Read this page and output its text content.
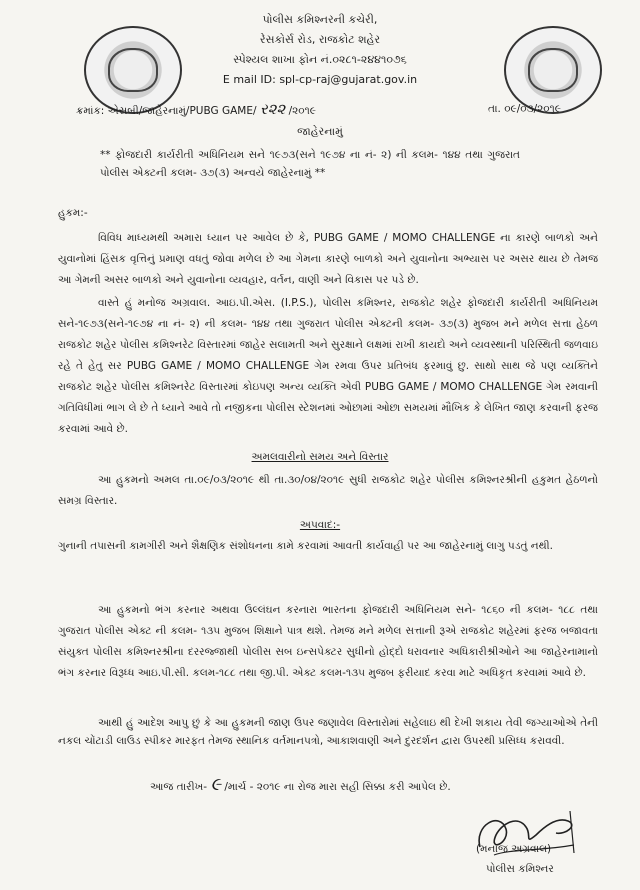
પોલીસ કમિશ્નરની કચેરી,
રેસકોર્સ રોડ, રાજકોટ શહેર
સ્પેશ્યલ શાખા ફોન નં.૦૨૮૧-૨૪૪૧૦૭૬
E mail ID: spl-cp-raj@gujarat.gov.in
ક્રમાંક: એસબી/જાહેરનામું/PUBG GAME/ ર૨૨ /૨૦૧૯	તા. ૦૯/૦૩/૨૦૧૯
જાહેરનામું
** ફોજદારી કાર્યરીતી અધિનિયમ સને ૧૯૭૩(સને ૧૯૭૪ ના નં- ૨) ની કલમ- ૧૪૪ તથા ગુજરાત પોલીસ એક્ટની કલમ- ૩૭(૩) અન્વયે જાહેરનામું **
હુકમ:-
વિવિધ માધ્યમથી અમારા ધ્યાન પર આવેલ છે કે, PUBG GAME / MOMO CHALLENGE ના કારણે બાળકો અને યુવાનોમાં હિંસક વૃત્તિનું પ્રમાણ વધતું જોવા મળેલ છે આ ગેમના કારણે બાળકો અને યુવાનોના અભ્યાસ પર અસર થાય છે તેમજ આ ગેમની અસર બાળકો અને યુવાનોના વ્યવહાર, વર્તન, વાણી અને વિકાસ પર પડે છે.
વાસ્તે હું મનોજ અગ્રવાલ. આઇ.પી.એસ. (I.P.S.), પોલીસ કમિશ્નર, રાજકોટ શહેર ફોજદારી કાર્યરીતી અધિનિયમ સને-૧૯૭૩(સને-૧૯૭૪ ના નં- ૨) ની કલમ- ૧૪૪ તથા ગુજરાત પોલીસ એક્ટની કલમ- ૩૭(૩) મુજબ મને મળેલ સત્તા હેઠળ રાજકોટ શહેર પોલીસ કમિશ્નરેટ વિસ્તારમાં જાહેર સલામતી અને સુરક્ષાને લક્ષમાં રાખી કાયદો અને વ્યવસ્થાની પરિસ્થિતી જળવાઇ રહે તે હેતુ સર PUBG GAME / MOMO CHALLENGE ગેમ રમવા ઉપર પ્રતિબંધ ફરમાવું છુ. સાથો સાથ જે પણ વ્યક્તિને રાજકોટ શહેર પોલીસ કમિશ્નરેટ વિસ્તારમાં કોઇપણ અન્ય વ્યક્તિ એવી PUBG GAME / MOMO CHALLENGE ગેમ રમવાની ગતિવિધીમાં ભાગ લે છે તે ધ્યાને આવે તો નજીકના પોલીસ સ્ટેશનમાં ઓછામાં ઓછા સમયમાં મૌખિક કે લેખિત જાણ કરવાની ફરજ કરવામાં આવે છે.
અમલવારીનો સમય અને વિસ્તાર
આ હુકમનો અમલ તા.૦૯/૦૩/૨૦૧૯ થી તા.૩૦/૦૪/૨૦૧૯ સુધી રાજકોટ શહેર પોલીસ કમિશ્નરશ્રીની હકુમત હેઠળનો સમગ્ર વિસ્તાર.
અપવાદ:-
ગુનાની તપાસની કામગીરી અને શૈક્ષણિક સંશોધનના કામે કરવામાં આવતી કાર્યવાહી પર આ જાહેરનામું લાગુ પડતું નથી.
આ હુકમનો ભંગ કરનાર અથવા ઉલ્લંઘન કરનારા ભારતના ફોજદારી અધિનિયમ સને- ૧૮૬૦ ની કલમ- ૧૮૮ તથા ગુજરાત પોલીસ એક્ટ ની કલમ- ૧૩૫ મુજબ શિક્ષાને પાત્ર થશે. તેમજ મને મળેલ સત્તાની રૂએ રાજકોટ શહેરમાં ફરજ બજાવતા સંયુક્ત પોલીસ કમિશ્નરશ્રીના દરરજ્જાથી પોલીસ સબ ઇન્સપેક્ટર સુધીનો હોદ્દો ધરાવનાર અધિકારીશ્રીઓને આ જાહેરનામાનો ભંગ કરનાર વિરૂધ્ધ આઇ.પી.સી. કલમ-૧૮૮ તથા જી.પી. એક્ટ કલમ-૧૩૫ મુજબ ફરીયાદ કરવા માટે અધિકૃત કરવામાં આવે છે.
આથી હું આદેશ આપુ છું કે આ હુકમની જાણ ઉપર જણાવેલ વિસ્તારોમાં સહેલાઇ થી દેખી શકાય તેવી જગ્યાઓએ તેની નકલ ચોંટાડી લાઉડ સ્પીકર મારફત તેમજ સ્થાનિક વર્તમાનપત્રો, આકાશવાણી અને દુરદર્શન દ્વારા ઉપરથી પ્રસિધ્ધ કરાવવી.
આજ તારીખ- ૯ /માર્ચ - ૨૦૧૯ ના રોજ મારા સહી સિક્કા કરી આપેલ છે.
(મનોજ અગ્રવાલ)
પોલીસ કમિશ્નર
